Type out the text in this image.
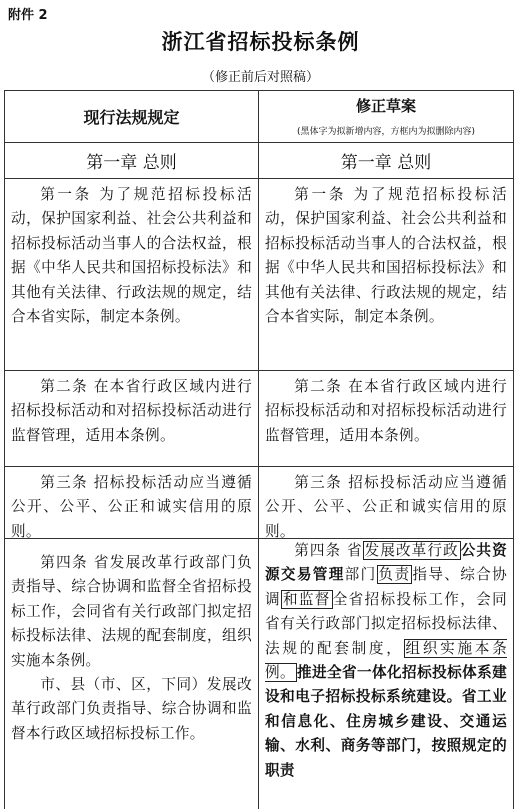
附件 2
浙江省招标投标条例
（修正前后对照稿）
现行法规规定
修正草案
(黑体字为拟新增内容，方框内为拟删除内容)
第一章 总则	第一章 总则
第一条 为了规范招标投标活动，保护国家利益、社会公共利益和招标投标活动当事人的合法权益，根据《中华人民共和国招标投标法》和其他有关法律、行政法规的规定，结合本省实际，制定本条例。
第一条 为了规范招标投标活动，保护国家利益、社会公共利益和招标投标活动当事人的合法权益，根据《中华人民共和国招标投标法》和其他有关法律、行政法规的规定，结合本省实际，制定本条例。
第二条 在本省行政区域内进行招标投标活动和对招标投标活动进行监督管理，适用本条例。
第二条 在本省行政区域内进行招标投标活动和对招标投标活动进行监督管理，适用本条例。
第三条 招标投标活动应当遵循公开、公平、公正和诚实信用的原则。
第三条 招标投标活动应当遵循公开、公平、公正和诚实信用的原则。
第四条 省发展改革行政部门负责指导、综合协调和监督全省招标投标工作，会同省有关行政部门拟定招标投标法律、法规的配套制度，组织实施本条例。
市、县（市、区，下同）发展改革行政部门负责指导、综合协调和监督本行政区域招标投标工作。
第四条 省 发展改革行政 公共资源交易管理部门 负责 指导、综合协调 和监督 全省招标投标工作，会同省有关行政部门拟定招标投标法律、法规的配套制度， 组织实施本条例。 推进全省一体化招标投标体系建设和电子招标投标系统建设。省工业和信息化、住房城乡建设、交通运输、水利、商务等部门，按照规定的职责
